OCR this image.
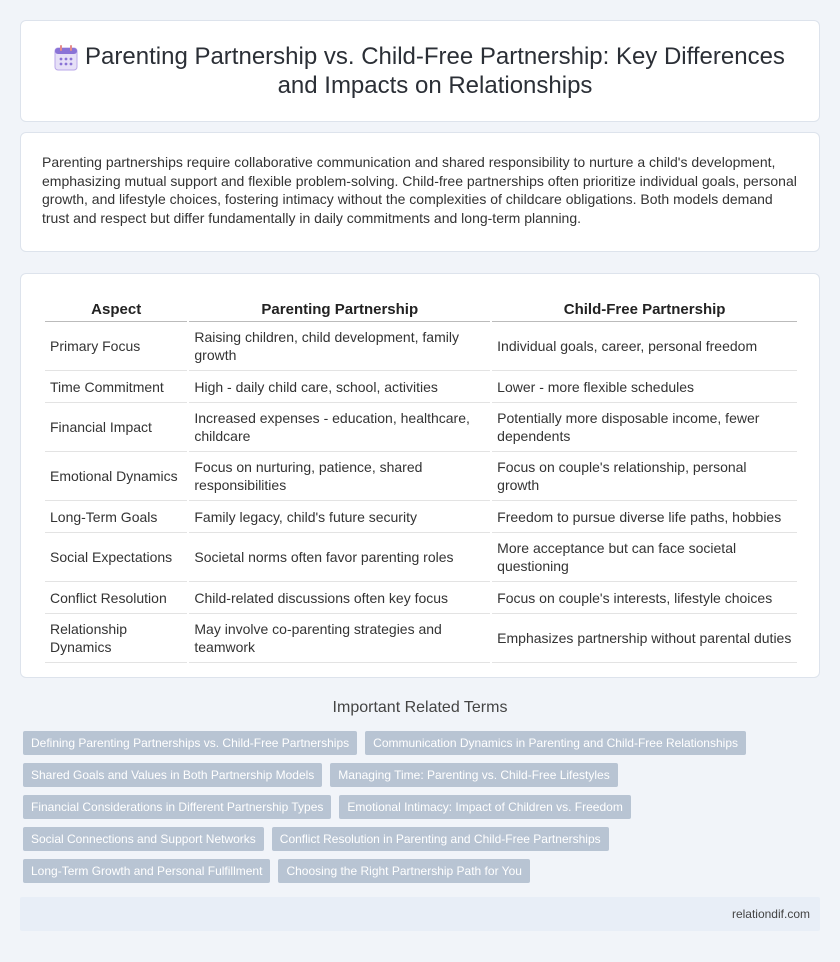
Parenting Partnership vs. Child-Free Partnership: Key Differences and Impacts on Relationships

Parenting partnerships require collaborative communication and shared responsibility to nurture a child's development, emphasizing mutual support and flexible problem-solving. Child-free partnerships often prioritize individual goals, personal growth, and lifestyle choices, fostering intimacy without the complexities of childcare obligations. Both models demand trust and respect but differ fundamentally in daily commitments and long-term planning.

Aspect	Parenting Partnership	Child-Free Partnership
Primary Focus	Raising children, child development, family growth	Individual goals, career, personal freedom
Time Commitment	High - daily child care, school, activities	Lower - more flexible schedules
Financial Impact	Increased expenses - education, healthcare, childcare	Potentially more disposable income, fewer dependents
Emotional Dynamics	Focus on nurturing, patience, shared responsibilities	Focus on couple's relationship, personal growth
Long-Term Goals	Family legacy, child's future security	Freedom to pursue diverse life paths, hobbies
Social Expectations	Societal norms often favor parenting roles	More acceptance but can face societal questioning
Conflict Resolution	Child-related discussions often key focus	Focus on couple's interests, lifestyle choices
Relationship Dynamics	May involve co-parenting strategies and teamwork	Emphasizes partnership without parental duties
Important Related Terms
Defining Parenting Partnerships vs. Child-Free Partnerships	Communication Dynamics in Parenting and Child-Free Relationships
Shared Goals and Values in Both Partnership Models	Managing Time: Parenting vs. Child-Free Lifestyles
Financial Considerations in Different Partnership Types	Emotional Intimacy: Impact of Children vs. Freedom
Social Connections and Support Networks	Conflict Resolution in Parenting and Child-Free Partnerships
Long-Term Growth and Personal Fulfillment	Choosing the Right Partnership Path for You
relationdif.com
